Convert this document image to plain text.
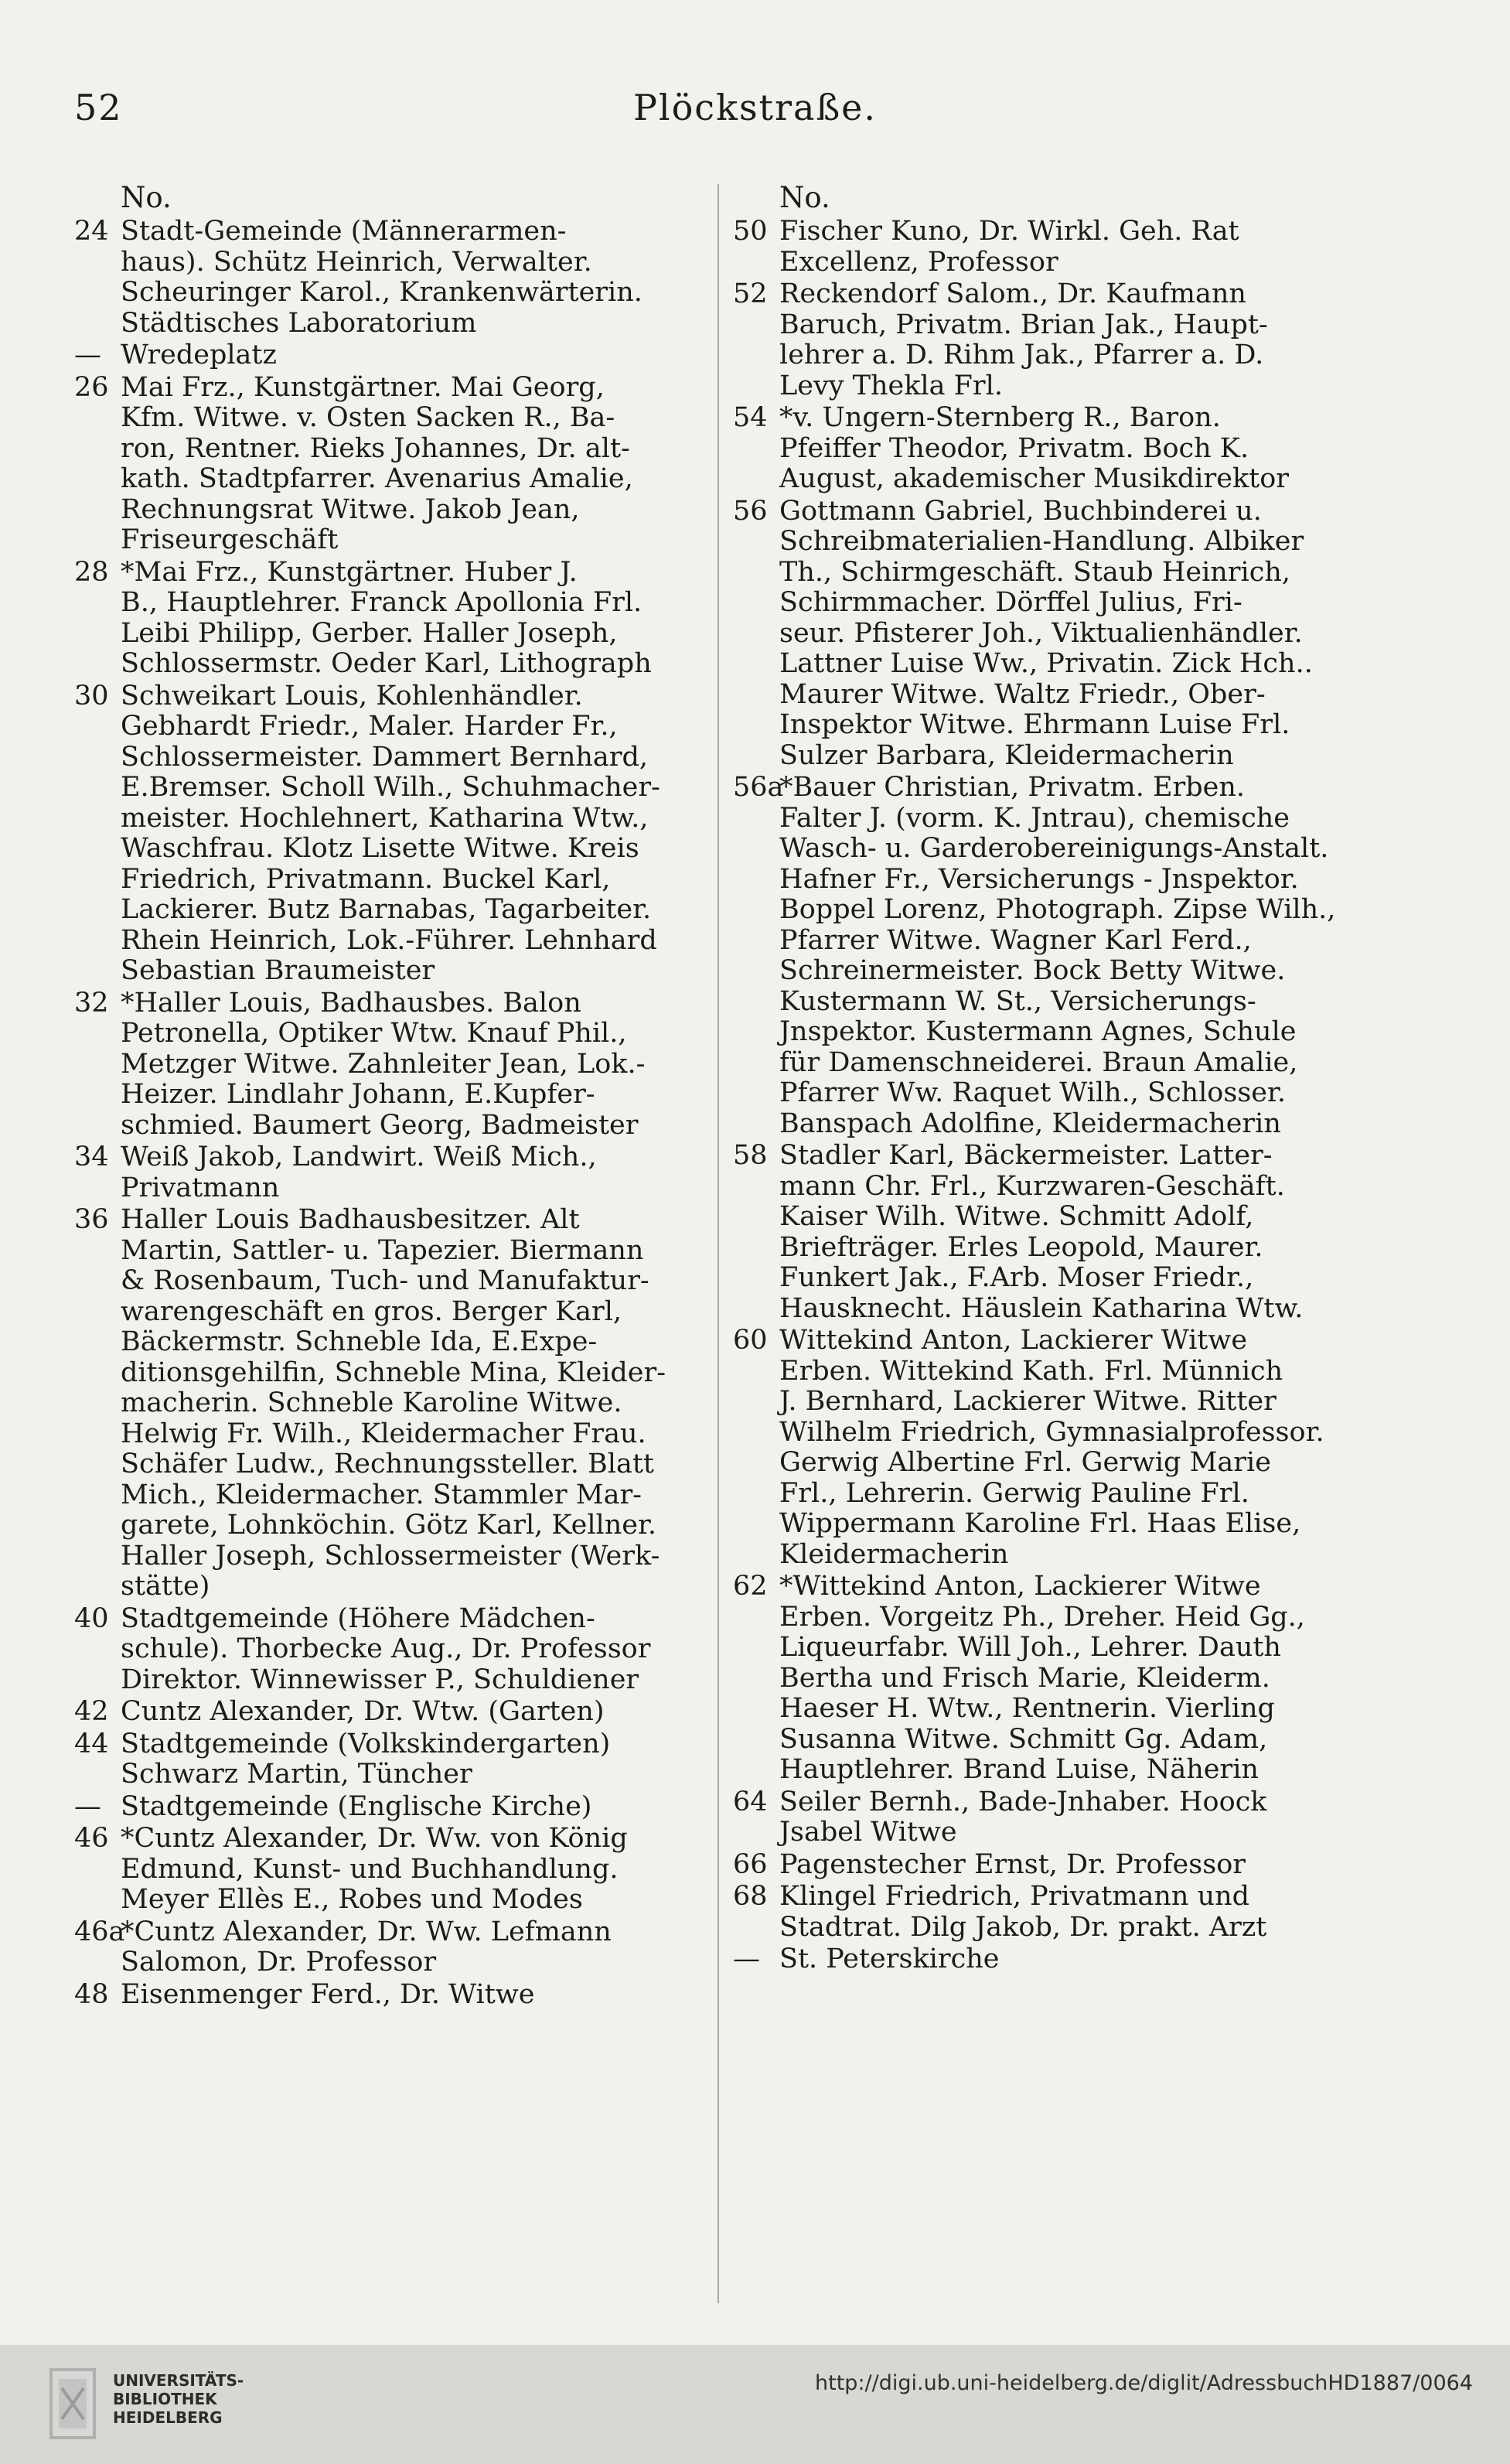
52	Plöckstraße.
No.
24 Stadt-Gemeinde (Männerarmen-
haus). Schütz Heinrich, Verwalter.
Scheuringer Karol., Krankenwärterin.
Städtisches Laboratorium
— Wredeplatz
26 Mai Frz., Kunstgärtner. Mai Georg,
Kfm. Witwe. v. Osten Sacken R., Ba-
ron, Rentner. Rieks Johannes, Dr. alt-
kath. Stadtpfarrer. Avenarius Amalie,
Rechnungsrat Witwe. Jakob Jean,
Friseurgeschäft
28 *Mai Frz., Kunstgärtner. Huber J.
B., Hauptlehrer. Franck Apollonia Frl.
Leibi Philipp, Gerber. Haller Joseph,
Schlossermstr. Oeder Karl, Lithograph
30 Schweikart Louis, Kohlenhändler.
Gebhardt Friedr., Maler. Harder Fr.,
Schlossermeister. Dammert Bernhard,
E.Bremser. Scholl Wilh., Schuhmacher-
meister. Hochlehnert, Katharina Wtw.,
Waschfrau. Klotz Lisette Witwe. Kreis
Friedrich, Privatmann. Buckel Karl,
Lackierer. Butz Barnabas, Tagarbeiter.
Rhein Heinrich, Lok.-Führer. Lehnhard
Sebastian Braumeister
32 *Haller Louis, Badhausbes. Balon
Petronella, Optiker Wtw. Knauf Phil.,
Metzger Witwe. Zahnleiter Jean, Lok.-
Heizer. Lindlahr Johann, E.Kupfer-
schmied. Baumert Georg, Badmeister
34 Weiß Jakob, Landwirt. Weiß Mich.,
Privatmann
36 Haller Louis Badhausbesitzer. Alt
Martin, Sattler- u. Tapezier. Biermann
& Rosenbaum, Tuch- und Manufaktur-
warengeschäft en gros. Berger Karl,
Bäckermstr. Schneble Ida, E.Expe-
ditionsgehilfin, Schneble Mina, Kleider-
macherin. Schneble Karoline Witwe.
Helwig Fr. Wilh., Kleidermacher Frau.
Schäfer Ludw., Rechnungssteller. Blatt
Mich., Kleidermacher. Stammler Mar-
garete, Lohnköchin. Götz Karl, Kellner.
Haller Joseph, Schlossermeister (Werk-
stätte)
40 Stadtgemeinde (Höhere Mädchen-
schule). Thorbecke Aug., Dr. Professor
Direktor. Winnewisser P., Schuldiener
42 Cuntz Alexander, Dr. Wtw. (Garten)
44 Stadtgemeinde (Volkskindergarten)
Schwarz Martin, Tüncher
— Stadtgemeinde (Englische Kirche)
46 *Cuntz Alexander, Dr. Ww. von König
Edmund, Kunst- und Buchhandlung.
Meyer Ellès E., Robes und Modes
46a
*Cuntz Alexander, Dr. Ww. Lefmann
Salomon, Dr. Professor
48 Eisenmenger Ferd., Dr. Witwe
No.
50 Fischer Kuno, Dr. Wirkl. Geh. Rat
Excellenz, Professor
52 Reckendorf Salom., Dr. Kaufmann
Baruch, Privatm. Brian Jak., Haupt-
lehrer a. D. Rihm Jak., Pfarrer a. D.
Levy Thekla Frl.
54 *v. Ungern-Sternberg R., Baron.
Pfeiffer Theodor, Privatm. Boch K.
August, akademischer Musikdirektor
56 Gottmann Gabriel, Buchbinderei u.
Schreibmaterialien-Handlung. Albiker
Th., Schirmgeschäft. Staub Heinrich,
Schirmmacher. Dörffel Julius, Fri-
seur. Pfisterer Joh., Viktualienhändler.
Lattner Luise Ww., Privatin. Zick Hch..
Maurer Witwe. Waltz Friedr., Ober-
Inspektor Witwe. Ehrmann Luise Frl.
Sulzer Barbara, Kleidermacherin
56a
*Bauer Christian, Privatm. Erben.
Falter J. (vorm. K. Jntrau), chemische
Wasch- u. Garderobereinigungs-Anstalt.
Hafner Fr., Versicherungs - Jnspektor.
Boppel Lorenz, Photograph. Zipse Wilh.,
Pfarrer Witwe. Wagner Karl Ferd.,
Schreinermeister. Bock Betty Witwe.
Kustermann W. St., Versicherungs-
Jnspektor. Kustermann Agnes, Schule
für Damenschneiderei. Braun Amalie,
Pfarrer Ww. Raquet Wilh., Schlosser.
Banspach Adolfine, Kleidermacherin
58 Stadler Karl, Bäckermeister. Latter-
mann Chr. Frl., Kurzwaren-Geschäft.
Kaiser Wilh. Witwe. Schmitt Adolf,
Briefträger. Erles Leopold, Maurer.
Funkert Jak., F.Arb. Moser Friedr.,
Hausknecht. Häuslein Katharina Wtw.
60 Wittekind Anton, Lackierer Witwe
Erben. Wittekind Kath. Frl. Münnich
J. Bernhard, Lackierer Witwe. Ritter
Wilhelm Friedrich, Gymnasialprofessor.
Gerwig Albertine Frl. Gerwig Marie
Frl., Lehrerin. Gerwig Pauline Frl.
Wippermann Karoline Frl. Haas Elise,
Kleidermacherin
62 *Wittekind Anton, Lackierer Witwe
Erben. Vorgeitz Ph., Dreher. Heid Gg.,
Liqueurfabr. Will Joh., Lehrer. Dauth
Bertha und Frisch Marie, Kleiderm.
Haeser H. Wtw., Rentnerin. Vierling
Susanna Witwe. Schmitt Gg. Adam,
Hauptlehrer. Brand Luise, Näherin
64 Seiler Bernh., Bade-Jnhaber. Hoock
Jsabel Witwe
66 Pagenstecher Ernst, Dr. Professor
68 Klingel Friedrich, Privatmann und
Stadtrat. Dilg Jakob, Dr. prakt. Arzt
— St. Peterskirche
UNIVERSITÄTS-
BIBLIOTHEK
HEIDELBERG
http://digi.ub.uni-heidelberg.de/diglit/AdressbuchHD1887/0064
